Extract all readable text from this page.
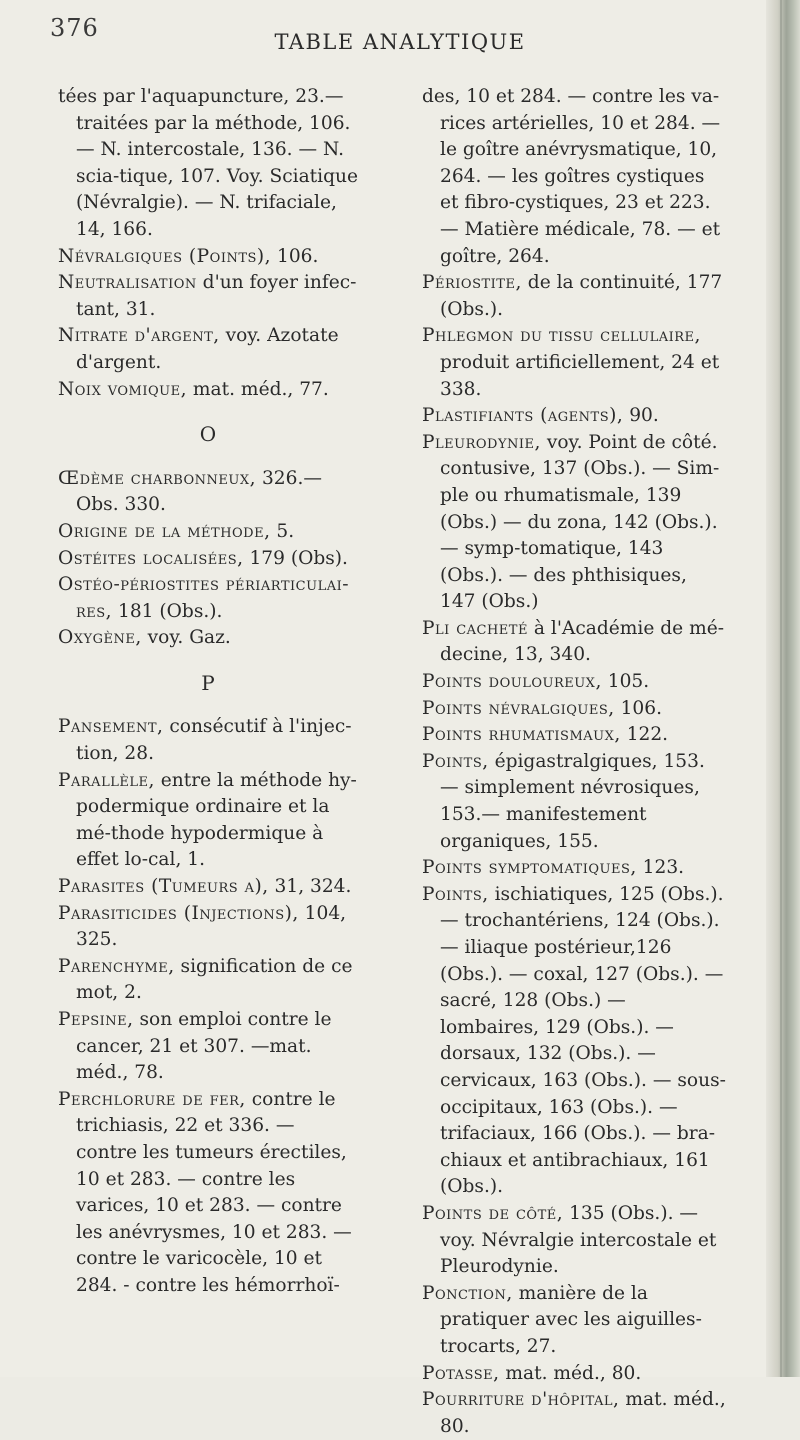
376	TABLE ANALYTIQUE

tées par l'aquapuncture, 23.— traitées par la méthode, 106. — N. intercostale, 136. — N. scia-tique, 107. Voy. Sciatique (Névralgie). — N. trifaciale, 14, 166.

Névralgiques (Points), 106.

Neutralisation d'un foyer infec-tant, 31.

Nitrate d'argent, voy. Azotate d'argent.

Noix vomique, mat. méd., 77.

O

Œdème charbonneux, 326.— Obs. 330.

Origine de la méthode, 5.

Ostéites localisées, 179 (Obs).

Ostéo-périostites périarticulai-res, 181 (Obs.).

Oxygène, voy. Gaz.

P

Pansement, consécutif à l'injec-tion, 28.

Parallèle, entre la méthode hy-podermique ordinaire et la mé-thode hypodermique à effet lo-cal, 1.

Parasites (Tumeurs a), 31, 324.

Parasiticides (Injections), 104, 325.

Parenchyme, signification de ce mot, 2.

Pepsine, son emploi contre le cancer, 21 et 307. —mat. méd., 78.

Perchlorure de fer, contre le trichiasis, 22 et 336. — contre les tumeurs érectiles, 10 et 283. — contre les varices, 10 et 283. — contre les anévrysmes, 10 et 283. — contre le varicocèle, 10 et 284. - contre les hémorrhoï-

des, 10 et 284. — contre les va-rices artérielles, 10 et 284. — le goître anévrysmatique, 10, 264. — les goîtres cystiques et fibro-cystiques, 23 et 223. — Matière médicale, 78. — et goître, 264.

Périostite, de la continuité, 177 (Obs.).

Phlegmon du tissu cellulaire, produit artificiellement, 24 et 338.

Plastifiants (agents), 90.

Pleurodynie, voy. Point de côté. contusive, 137 (Obs.). — Sim-ple ou rhumatismale, 139 (Obs.) — du zona, 142 (Obs.).— symp-tomatique, 143 (Obs.). — des phthisiques, 147 (Obs.)

Pli cacheté à l'Académie de mé-decine, 13, 340.

Points douloureux, 105.

Points névralgiques, 106.

Points rhumatismaux, 122.

Points, épigastralgiques, 153. — simplement névrosiques, 153.— manifestement organiques, 155.

Points symptomatiques, 123.

Points, ischiatiques, 125 (Obs.). — trochantériens, 124 (Obs.). — iliaque postérieur,126 (Obs.). — coxal, 127 (Obs.). — sacré, 128 (Obs.) — lombaires, 129 (Obs.). — dorsaux, 132 (Obs.). — cervicaux, 163 (Obs.). — sous-occipitaux, 163 (Obs.). — trifaciaux, 166 (Obs.). — bra-chiaux et antibrachiaux, 161 (Obs.).

Points de côté, 135 (Obs.). — voy. Névralgie intercostale et Pleurodynie.

Ponction, manière de la pratiquer avec les aiguilles-trocarts, 27.

Potasse, mat. méd., 80.

Pourriture d'hôpital, mat. méd., 80.
